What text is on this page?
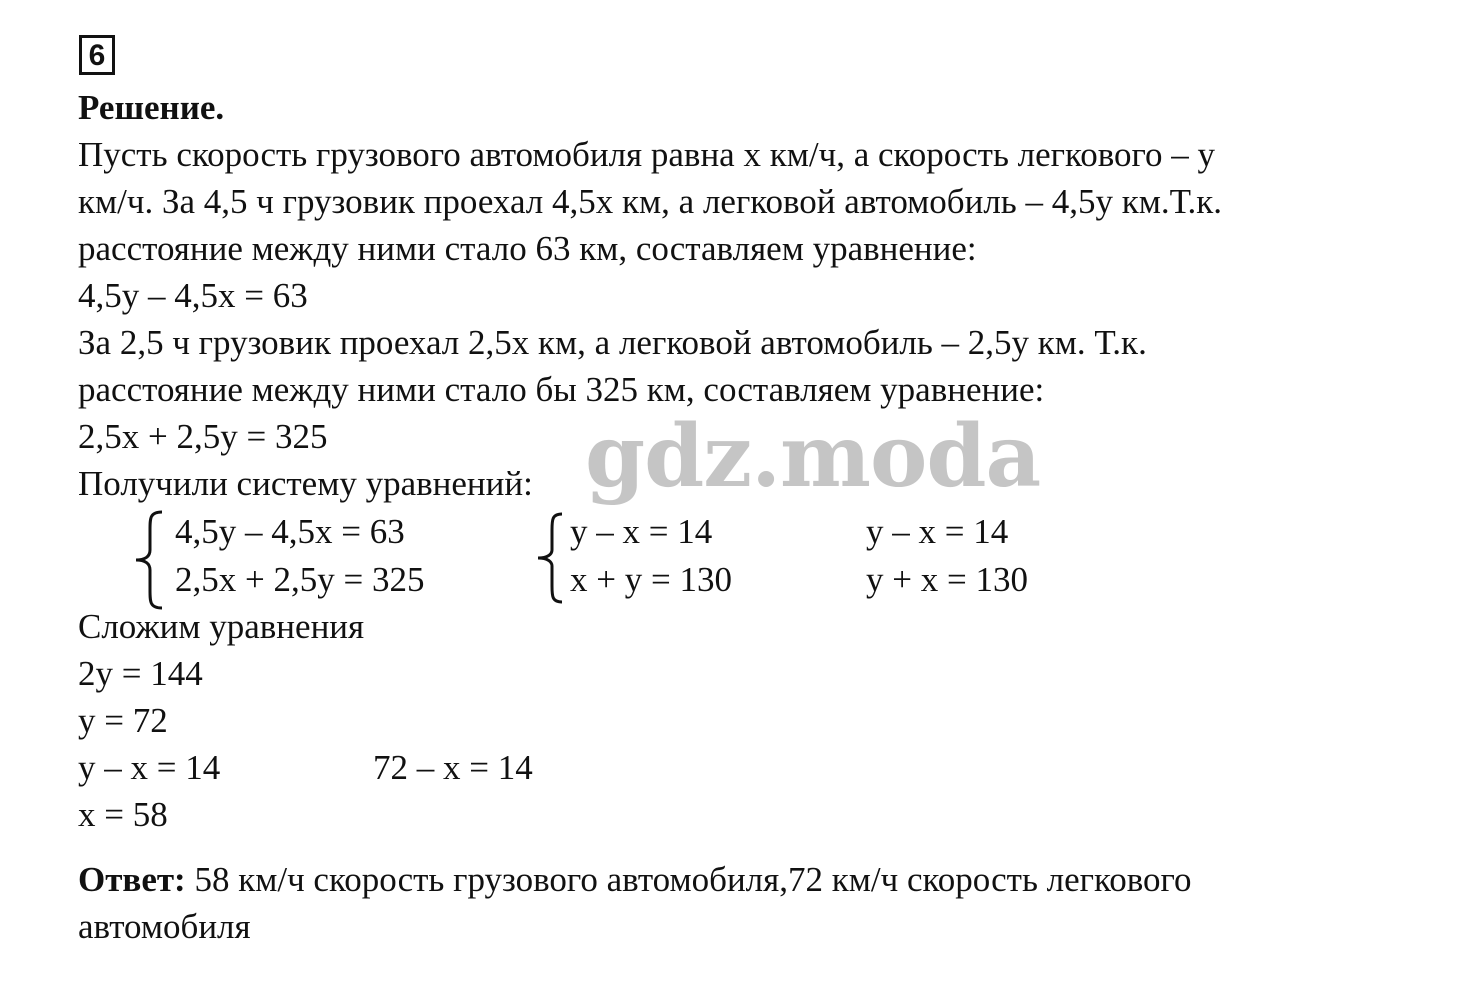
6
Решение.
Пусть скорость грузового автомобиля равна х км/ч, а скорость легкового – у
км/ч. За 4,5 ч грузовик проехал 4,5х км, а легковой автомобиль – 4,5у км.Т.к.
расстояние между ними стало 63 км, составляем уравнение:
4,5у – 4,5х = 63
За 2,5 ч грузовик проехал 2,5х км, а легковой автомобиль – 2,5у км. Т.к.
расстояние между ними стало бы 325 км, составляем уравнение:
2,5х + 2,5у = 325
Получили систему уравнений:
4,5у – 4,5х = 63
2,5х + 2,5у = 325
у – х = 14
х + у = 130
у – х = 14
у + х = 130
Сложим уравнения
2у = 144
у = 72
у – х = 14	72 – х = 14
х = 58
Ответ: 58 км/ч скорость грузового автомобиля,72 км/ч скорость легкового
автомобиля
gdz.moda
